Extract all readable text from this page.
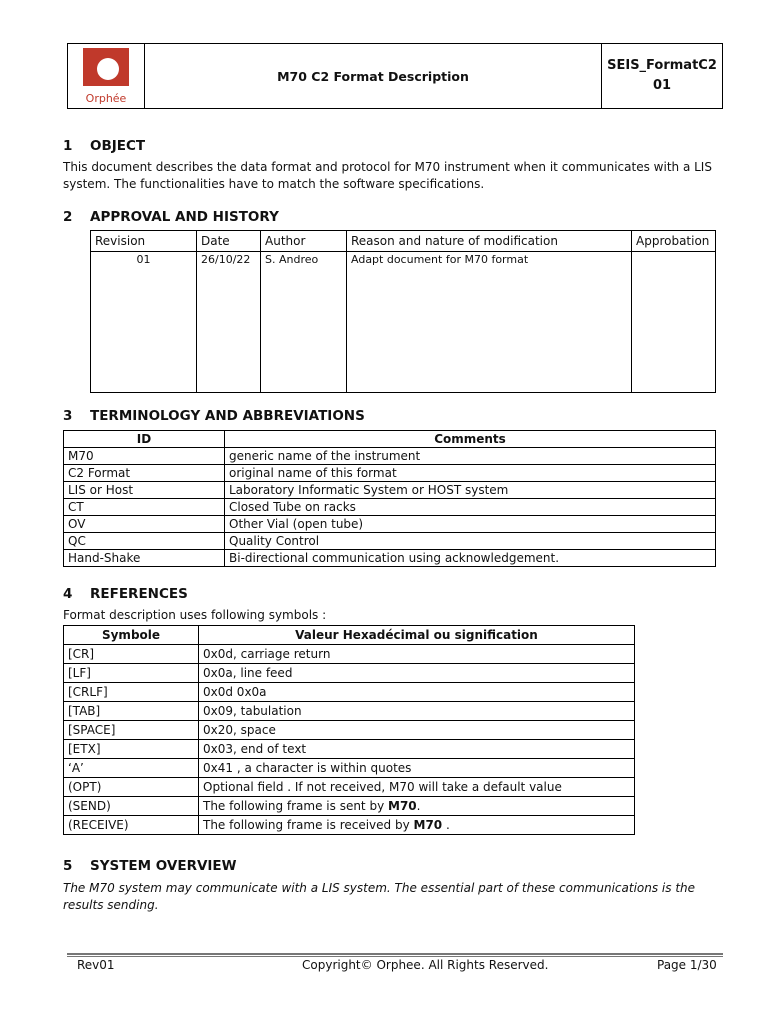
Orphée
	M70 C2 Format Description	
SEIS_FormatC2
01
1 OBJECT
This document describes the data format and protocol for M70 instrument when it communicates with a LIS system. The functionalities have to match the software specifications.
2 APPROVAL AND HISTORY
Revision	Date	Author	Reason and nature of modification	Approbation
01	26/10/22	S. Andreo	Adapt document for M70 format	
3 TERMINOLOGY AND ABBREVIATIONS
ID	Comments
M70	generic name of the instrument
C2 Format	original name of this format
LIS or Host	Laboratory Informatic System or HOST system
CT	Closed Tube on racks
OV	Other Vial (open tube)
QC	Quality Control
Hand-Shake	Bi-directional communication using acknowledgement.
4 REFERENCES
Format description uses following symbols :
Symbole	Valeur Hexadécimal ou signification
[CR]	0x0d, carriage return
[LF]	0x0a, line feed
[CRLF]	0x0d 0x0a
[TAB]	0x09, tabulation
[SPACE]	0x20, space
[ETX]	0x03, end of text
‘A’	0x41 , a character is within quotes
(OPT)	Optional field . If not received, M70 will take a default value
(SEND)	The following frame is sent by M70.
(RECEIVE)	The following frame is received by M70 .
5 SYSTEM OVERVIEW
The M70 system may communicate with a LIS system. The essential part of these communications is the results sending.
Rev01	Copyright© Orphee. All Rights Reserved.	Page 1/30
